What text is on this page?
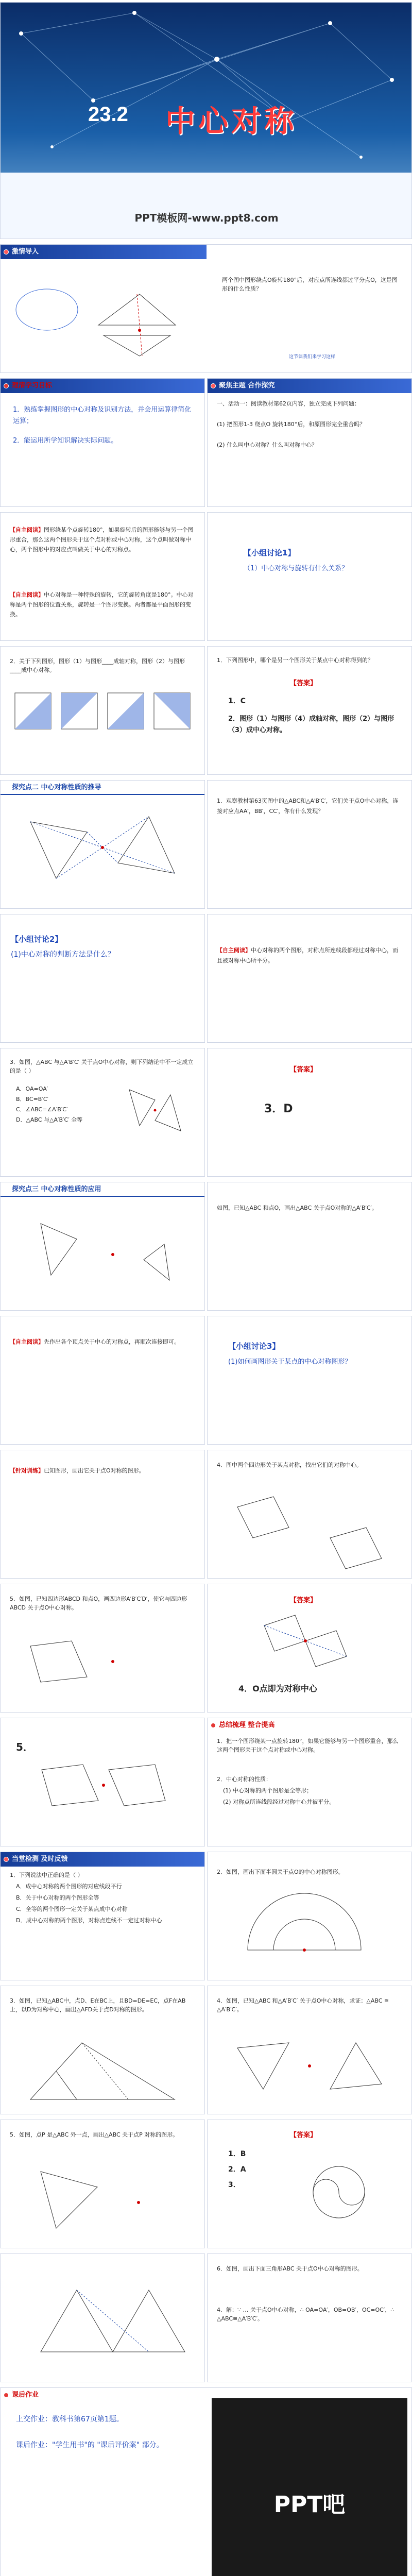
23.2 中心对称
PPT模板网-www.ppt8.com
激情导入
两个图中图形绕点O旋转180°后，对应点所连线都过平分点O，这是图形的什么性质？
这节课我们来学习这样
理清学习目标
1．熟练掌握图形的中心对称及识别方法，并会用运算律简化运算；
2．能运用所学知识解决实际问题。
聚焦主题 合作探究
一、活动一：阅读教材第62页内容，独立完成下列问题：
(1) 把图形1-3 绕点O 旋转180°后，和原图形完全重合吗？
(2) 什么叫中心对称？什么叫对称中心？
【自主阅读】图形绕某个点旋转180°，如果旋转后的图形能够与另一个图形重合，那么这两个图形关于这个点对称或中心对称，这个点叫做对称中心，两个图形中的对应点叫做关于中心的对称点。
【自主阅读】中心对称是一种特殊的旋转，它的旋转角度是180°。中心对称是两个图形的位置关系，旋转是一个图形变换。两者都是平面图形的变换。
【小组讨论1】
（1）中心对称与旋转有什么关系？
2．关于下列图形，图形（1）与图形____成轴对称，图形（2）与图形____成中心对称。
1．下列图形中，哪个是另一个图形关于某点中心对称得到的？
【答案】
1．C
2．图形（1）与图形（4）成轴对称，图形（2）与图形（3）成中心对称。
探究点二 中心对称性质的推导
1．观察教材第63页图中的△ABC和△A′B′C′，它们关于点O中心对称，连接对应点AA′，BB′，CC′，你有什么发现？
【小组讨论2】
(1)中心对称的判断方法是什么？
【自主阅读】中心对称的两个图形，对称点所连线段都经过对称中心，而且被对称中心所平分。
3．如图，△ABC 与△A′B′C′ 关于点O中心对称，则下列结论中不一定成立的是（ ）
A．OA=OA′
B．BC=B′C′
C．∠ABC=∠A′B′C′
D．△ABC 与△A′B′C′ 全等
【答案】
3．D
探究点三 中心对称性质的应用
如图，已知△ABC 和点O，画出△ABC 关于点O对称的△A′B′C′。
【自主阅读】先作出各个顶点关于中心的对称点，再顺次连接即可。	【小组讨论3】
(1)如何画图形关于某点的中心对称图形？
【针对训练】已知图形，画出它关于点O对称的图形。
4．图中两个四边形关于某点对称，找出它们的对称中心。
5．如图，已知四边形ABCD 和点O，画四边形A′B′C′D′，使它与四边形ABCD 关于点O中心对称。
【答案】
4．O点即为对称中心
5．
总结梳理 整合提高
1．把一个图形绕某一点旋转180°，如果它能够与另一个图形重合，那么这两个图形关于这个点对称或中心对称。
2．中心对称的性质：
(1) 中心对称的两个图形是全等形；
(2) 对称点所连线段经过对称中心并被平分。
当堂检测 及时反馈
1．下列说法中正确的是（ ）
A．成中心对称的两个图形的对应线段平行
B．关于中心对称的两个图形全等
C．全等的两个图形一定关于某点成中心对称
D．成中心对称的两个图形，对称点连线不一定过对称中心
2．如图，画出下面半圆关于点O的中心对称图形。
3．如图，已知△ABC中，点D、E在BC上，且BD=DE=EC，点F在AB上，以D为对称中心，画出△AFD关于点D对称的图形。
4．如图，已知△ABC 和△A′B′C′ 关于点O中心对称，求证：△ABC ≅ △A′B′C′。
5．如图，点P 是△ABC 外一点，画出△ABC 关于点P 对称的图形。	【答案】
1．B
2．A
3．
6．如图，画出下面三角形ABC 关于点O中心对称的图形。
4．解：∵ … 关于点O中心对称，∴ OA=OA′，OB=OB′，OC=OC′，∴ △ABC≅△A′B′C′。
课后作业
上交作业：教科书第67页第1题。
课后作业："学生用书"的 "课后评价案" 部分。
PPT吧
